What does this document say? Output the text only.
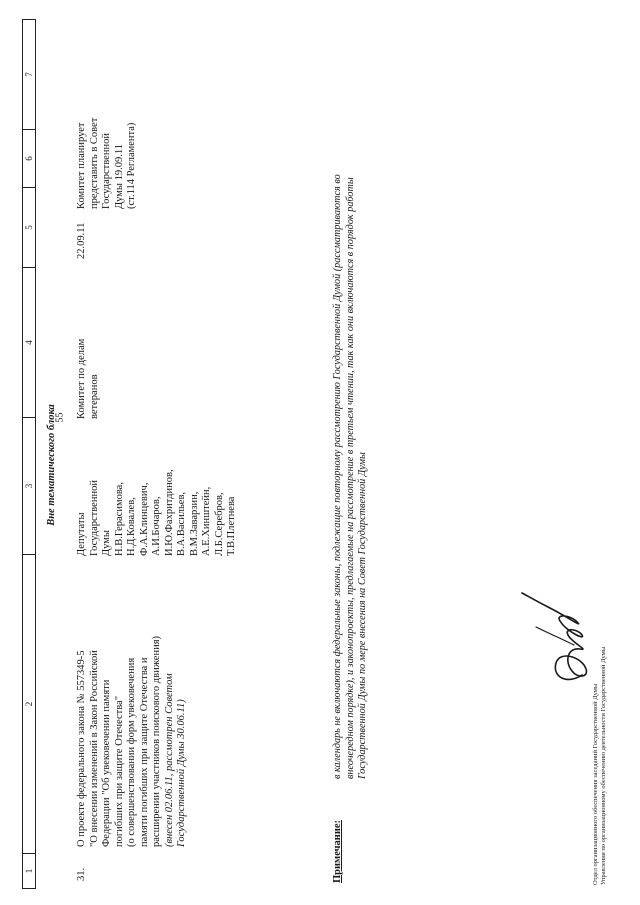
55
1
2
3
4
5
6
7
Вне тематического блока
31.
О проекте федерального закона № 557349-5 "О внесении изменений в Закон Российской Федерации "Об увековечении памяти погибших при защите Отечества" (о совершенствовании форм увековечения памяти погибших при защите Отечества и расширении участников поискового движения) (внесен 02.06.11, рассмотрен Советом Государственной Думы 30.06.11)
Депутаты Государственной Думы Н.В.Герасимова, Н.Д.Ковалев, Ф.А.Клинцевич, А.И.Бочаров, И.Ю.Фахритдинов, В.А.Васильев, В.М.Заварзин, А.Е.Хинштейн, Л.Б.Серебров, Т.В.Плетнева
Комитет по делам ветеранов
22.09.11
Комитет планирует представить в Совет Государственной Думы 19.09.11 (ст.114 Регламента)
Примечание:
в календарь не включаются федеральные законы, подлежащие повторному рассмотрению Государственной Думой (рассматриваются во внеочередном порядке), и законопроекты, предлагаемые на рассмотрение в третьем чтении, так как они включаются в порядок работы Государственной Думы по мере внесения на Совет Государственной Думы
Отдел организационного обеспечения заседаний Государственной Думы Управления по организационному обеспечению деятельности Государственной Думы
